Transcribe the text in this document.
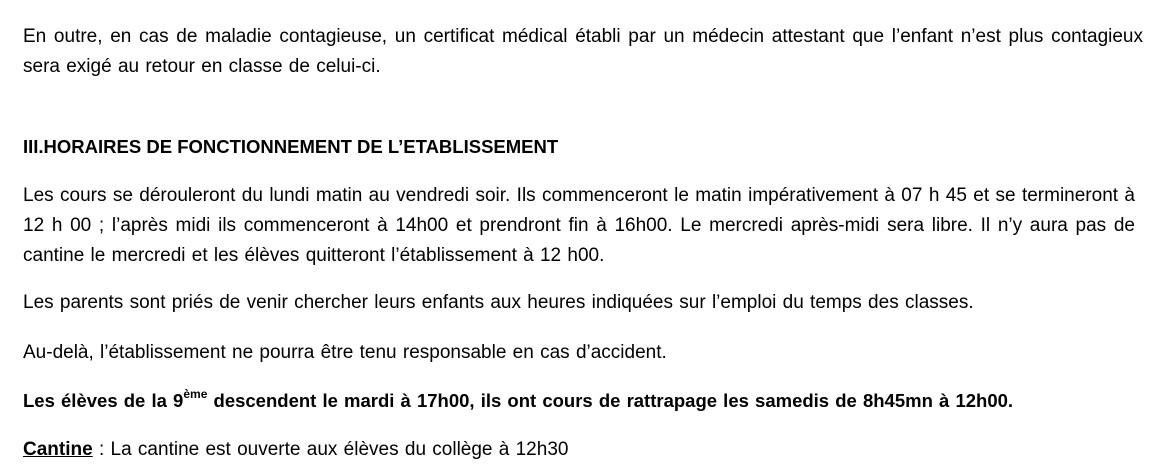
En outre, en cas de maladie contagieuse, un certificat médical établi par un médecin attestant que l’enfant n’est plus contagieux sera exigé au retour en classe de celui-ci.

III.HORAIRES DE FONCTIONNEMENT DE L’ETABLISSEMENT

Les cours se dérouleront du lundi matin au vendredi soir. Ils commenceront le matin impérativement à 07 h 45 et se termineront à 12 h 00 ; l’après midi ils commenceront à 14h00 et prendront fin à 16h00. Le mercredi après-midi sera libre. Il n’y aura pas de cantine le mercredi et les élèves quitteront l’établissement à 12 h00.

Les parents sont priés de venir chercher leurs enfants aux heures indiquées sur l’emploi du temps des classes.

Au-delà, l’établissement ne pourra être tenu responsable en cas d’accident.

Les élèves de la 9ème descendent le mardi à 17h00, ils ont cours de rattrapage les samedis de 8h45mn à 12h00.

Cantine : La cantine est ouverte aux élèves du collège à 12h30
